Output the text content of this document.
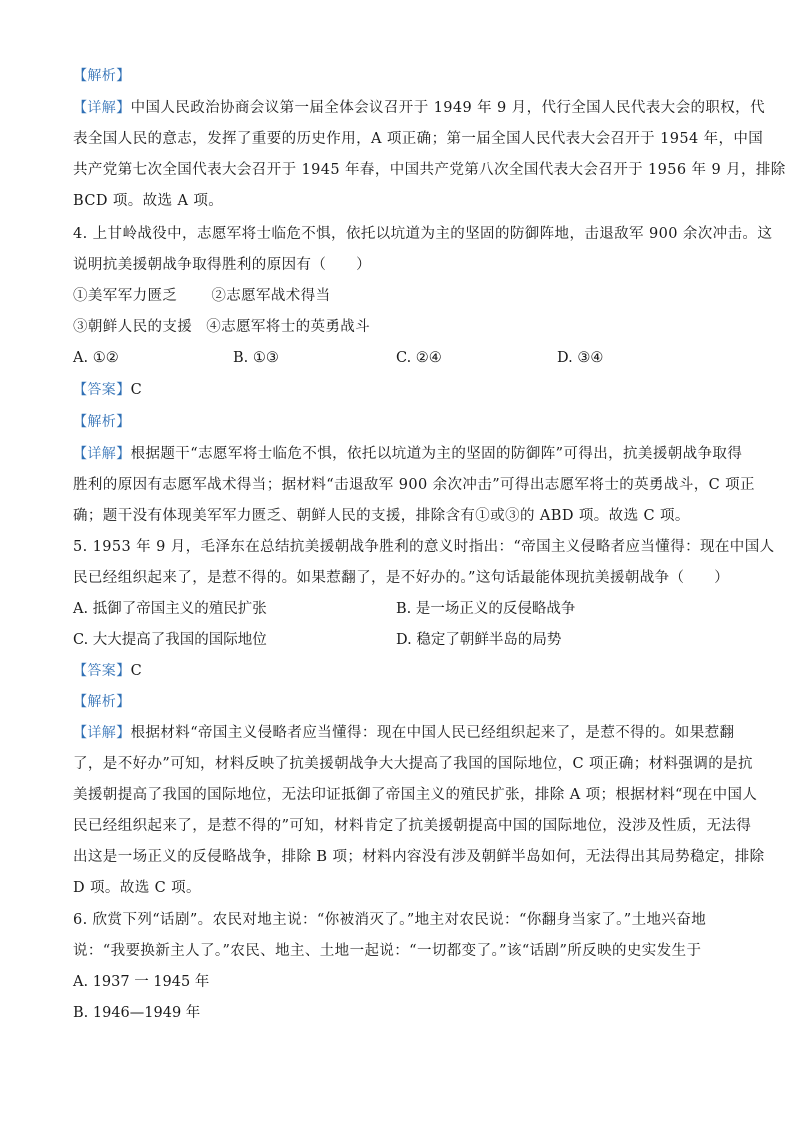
【解析】
【详解】中国人民政治协商会议第一届全体会议召开于 1949 年 9 月，代行全国人民代表大会的职权，代
表全国人民的意志，发挥了重要的历史作用，A 项正确；第一届全国人民代表大会召开于 1954 年，中国
共产党第七次全国代表大会召开于 1945 年春，中国共产党第八次全国代表大会召开于 1956 年 9 月，排除
BCD 项。故选 A 项。
4. 上甘岭战役中，志愿军将士临危不惧，依托以坑道为主的坚固的防御阵地，击退敌军 900 余次冲击。这
说明抗美援朝战争取得胜利的原因有（　　）
①美军军力匮乏 ②志愿军战术得当
③朝鲜人民的支援 ④志愿军将士的英勇战斗
A. ①②	B. ①③	C. ②④	D. ③④
【答案】C
【解析】
【详解】根据题干“志愿军将士临危不惧，依托以坑道为主的坚固的防御阵”可得出，抗美援朝战争取得
胜利的原因有志愿军战术得当；据材料“击退敌军 900 余次冲击”可得出志愿军将士的英勇战斗，C 项正
确；题干没有体现美军军力匮乏、朝鲜人民的支援，排除含有①或③的 ABD 项。故选 C 项。
5. 1953 年 9 月，毛泽东在总结抗美援朝战争胜利的意义时指出：“帝国主义侵略者应当懂得：现在中国人
民已经组织起来了，是惹不得的。如果惹翻了，是不好办的。”这句话最能体现抗美援朝战争（　　）
A. 抵御了帝国主义的殖民扩张	B. 是一场正义的反侵略战争
C. 大大提高了我国的国际地位	D. 稳定了朝鲜半岛的局势
【答案】C
【解析】
【详解】根据材料“帝国主义侵略者应当懂得：现在中国人民已经组织起来了，是惹不得的。如果惹翻
了，是不好办”可知，材料反映了抗美援朝战争大大提高了我国的国际地位，C 项正确；材料强调的是抗
美援朝提高了我国的国际地位，无法印证抵御了帝国主义的殖民扩张，排除 A 项；根据材料“现在中国人
民已经组织起来了，是惹不得的”可知，材料肯定了抗美援朝提高中国的国际地位，没涉及性质，无法得
出这是一场正义的反侵略战争，排除 B 项；材料内容没有涉及朝鲜半岛如何，无法得出其局势稳定，排除
D 项。故选 C 项。
6. 欣赏下列“话剧”。农民对地主说：“你被消灭了。”地主对农民说：“你翻身当家了。”土地兴奋地
说：“我要换新主人了。”农民、地主、土地一起说：“一切都变了。”该“话剧”所反映的史实发生于
A. 1937 一 1945 年
B. 1946—1949 年
